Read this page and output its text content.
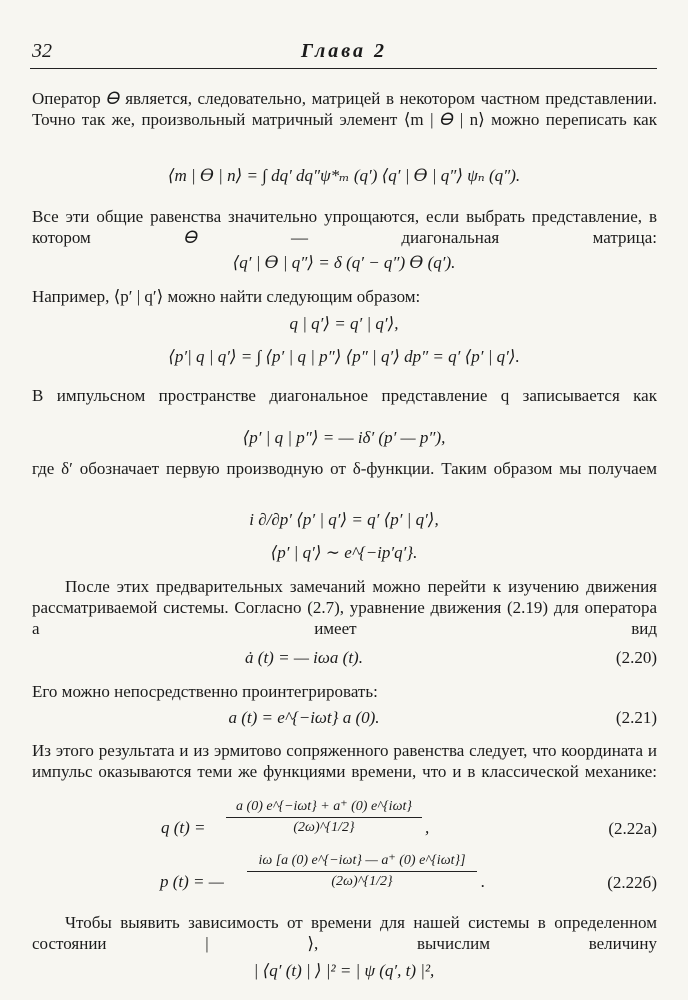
32	Глава 2

Оператор 𝛳 является, следовательно, матрицей в некотором частном представлении. Точно так же, произвольный матричный элемент ⟨m | 𝛳 | n⟩ можно переписать как

⟨m | 𝛳 | n⟩ = ∫ dq′ dq″ψ*ₘ (q′) ⟨q′ | 𝛳 | q″⟩ ψₙ (q″).

Все эти общие равенства значительно упрощаются, если выбрать представление, в котором 𝛳 — диагональная матрица:

⟨q′ | 𝛳 | q″⟩ = δ (q′ − q″) 𝛳 (q′).

Например, ⟨p′ | q′⟩ можно найти следующим образом:

q | q′⟩ = q′ | q′⟩,

⟨p′| q | q′⟩ = ∫ ⟨p′ | q | p″⟩ ⟨p″ | q′⟩ dp″ = q′ ⟨p′ | q′⟩.

В импульсном пространстве диагональное представление q записывается как

⟨p′ | q | p″⟩ = — iδ′ (p′ — p″),

где δ′ обозначает первую производную от δ-функции. Таким образом мы получаем

i ∂/∂p′ ⟨p′ | q′⟩ = q′ ⟨p′ | q′⟩,

⟨p′ | q′⟩ ∼ e^{−ip′q′}.

После этих предварительных замечаний можно перейти к изучению движения рассматриваемой системы. Согласно (2.7), уравнение движения (2.19) для оператора a имеет вид

ȧ (t) = — iωa (t).	(2.20)

Его можно непосредственно проинтегрировать:

a (t) = e^{−iωt} a (0).	(2.21)

Из этого результата и из эрмитово сопряженного равенства следует, что координата и импульс оказываются теми же функциями времени, что и в классической механике:

q (t) =
a (0) e^{−iωt} + a⁺ (0) e^{iωt}
(2ω)^{1/2}	,	(2.22а)
p (t) = —
iω [a (0) e^{−iωt} — a⁺ (0) e^{iωt}]
(2ω)^{1/2}	.	(2.22б)

Чтобы выявить зависимость от времени для нашей системы в определенном состоянии | ⟩, вычислим величину

| ⟨q′ (t) | ⟩ |² = | ψ (q′, t) |²,
